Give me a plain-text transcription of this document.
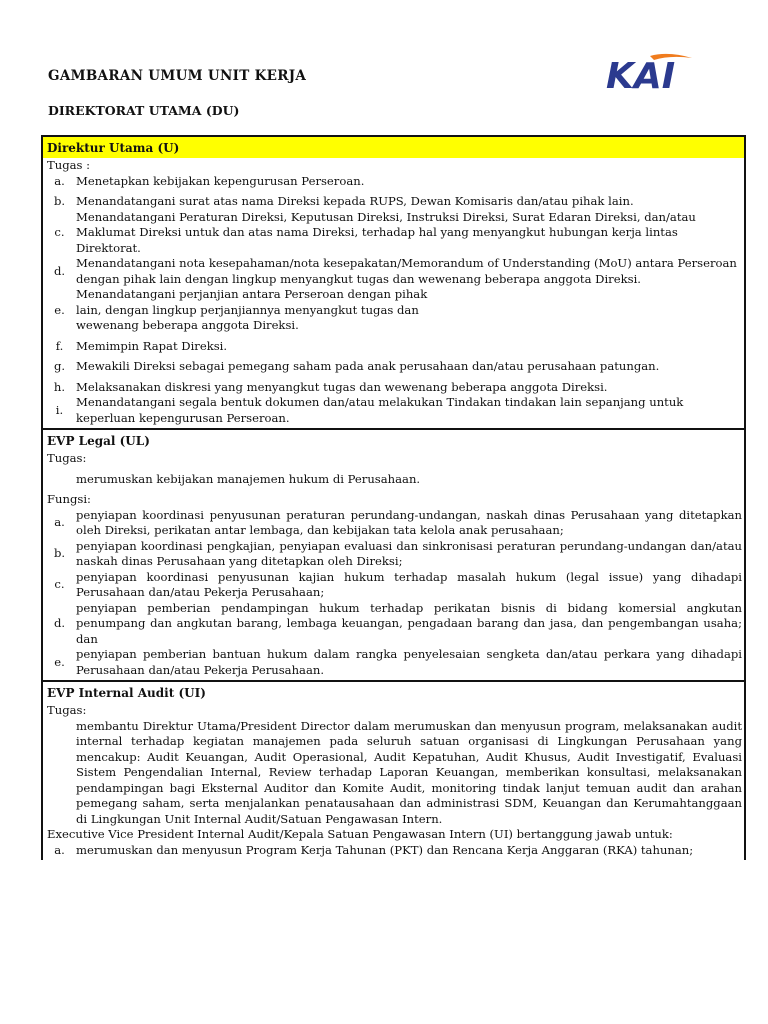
GAMBARAN UMUM UNIT KERJA
DIREKTORAT UTAMA (DU)
KAI
Direktur Utama (U)
Tugas :
a. Menetapkan kebijakan kepengurusan Perseroan.
b. Menandatangani surat atas nama Direksi kepada RUPS, Dewan Komisaris dan/atau pihak lain.
c.
Menandatangani Peraturan Direksi, Keputusan Direksi, Instruksi Direksi, Surat Edaran Direksi, dan/atau Maklumat Direksi untuk dan atas nama Direksi, terhadap hal yang menyangkut hubungan kerja lintas Direktorat.
d.
Menandatangani nota kesepahaman/nota kesepakatan/Memorandum of Understanding (MoU) antara Perseroan dengan pihak lain dengan lingkup menyangkut tugas dan wewenang beberapa anggota Direksi.
e.
Menandatangani perjanjian antara Perseroan dengan pihak lain, dengan lingkup perjanjiannya menyangkut tugas dan wewenang beberapa anggota Direksi.
f.	Memimpin Rapat Direksi.
g. Mewakili Direksi sebagai pemegang saham pada anak perusahaan dan/atau perusahaan patungan.
h. Melaksanakan diskresi yang menyangkut tugas dan wewenang beberapa anggota Direksi.
i.
Menandatangani segala bentuk dokumen dan/atau melakukan Tindakan tindakan lain sepanjang untuk keperluan kepengurusan Perseroan.
EVP Legal (UL)
Tugas:
merumuskan kebijakan manajemen hukum di Perusahaan.
Fungsi:
a.
penyiapan koordinasi penyusunan peraturan perundang-undangan, naskah dinas Perusahaan yang ditetapkan oleh Direksi, perikatan antar lembaga, dan kebijakan tata kelola anak perusahaan;
b.
penyiapan koordinasi pengkajian, penyiapan evaluasi dan sinkronisasi peraturan perundang-undangan dan/atau naskah dinas Perusahaan yang ditetapkan oleh Direksi;
c.
penyiapan koordinasi penyusunan kajian hukum terhadap masalah hukum (legal issue) yang dihadapi Perusahaan dan/atau Pekerja Perusahaan;
d.
penyiapan pemberian pendampingan hukum terhadap perikatan bisnis di bidang komersial angkutan penumpang dan angkutan barang, lembaga keuangan, pengadaan barang dan jasa, dan pengembangan usaha; dan
e.
penyiapan pemberian bantuan hukum dalam rangka penyelesaian sengketa dan/atau perkara yang dihadapi Perusahaan dan/atau Pekerja Perusahaan.
EVP Internal Audit (UI)
Tugas:
membantu Direktur Utama/President Director dalam merumuskan dan menyusun program, melaksanakan audit internal terhadap kegiatan manajemen pada seluruh satuan organisasi di Lingkungan Perusahaan yang mencakup: Audit Keuangan, Audit Operasional, Audit Kepatuhan, Audit Khusus, Audit Investigatif, Evaluasi Sistem Pengendalian Internal, Review terhadap Laporan Keuangan, memberikan konsultasi, melaksanakan pendampingan bagi Eksternal Auditor dan Komite Audit, monitoring tindak lanjut temuan audit dan arahan pemegang saham, serta menjalankan penatausahaan dan administrasi SDM, Keuangan dan Kerumahtanggaan di Lingkungan Unit Internal Audit/Satuan Pengawasan Intern.
Executive Vice President Internal Audit/Kepala Satuan Pengawasan Intern (UI) bertanggung jawab untuk:
a. merumuskan dan menyusun Program Kerja Tahunan (PKT) dan Rencana Kerja Anggaran (RKA) tahunan;
